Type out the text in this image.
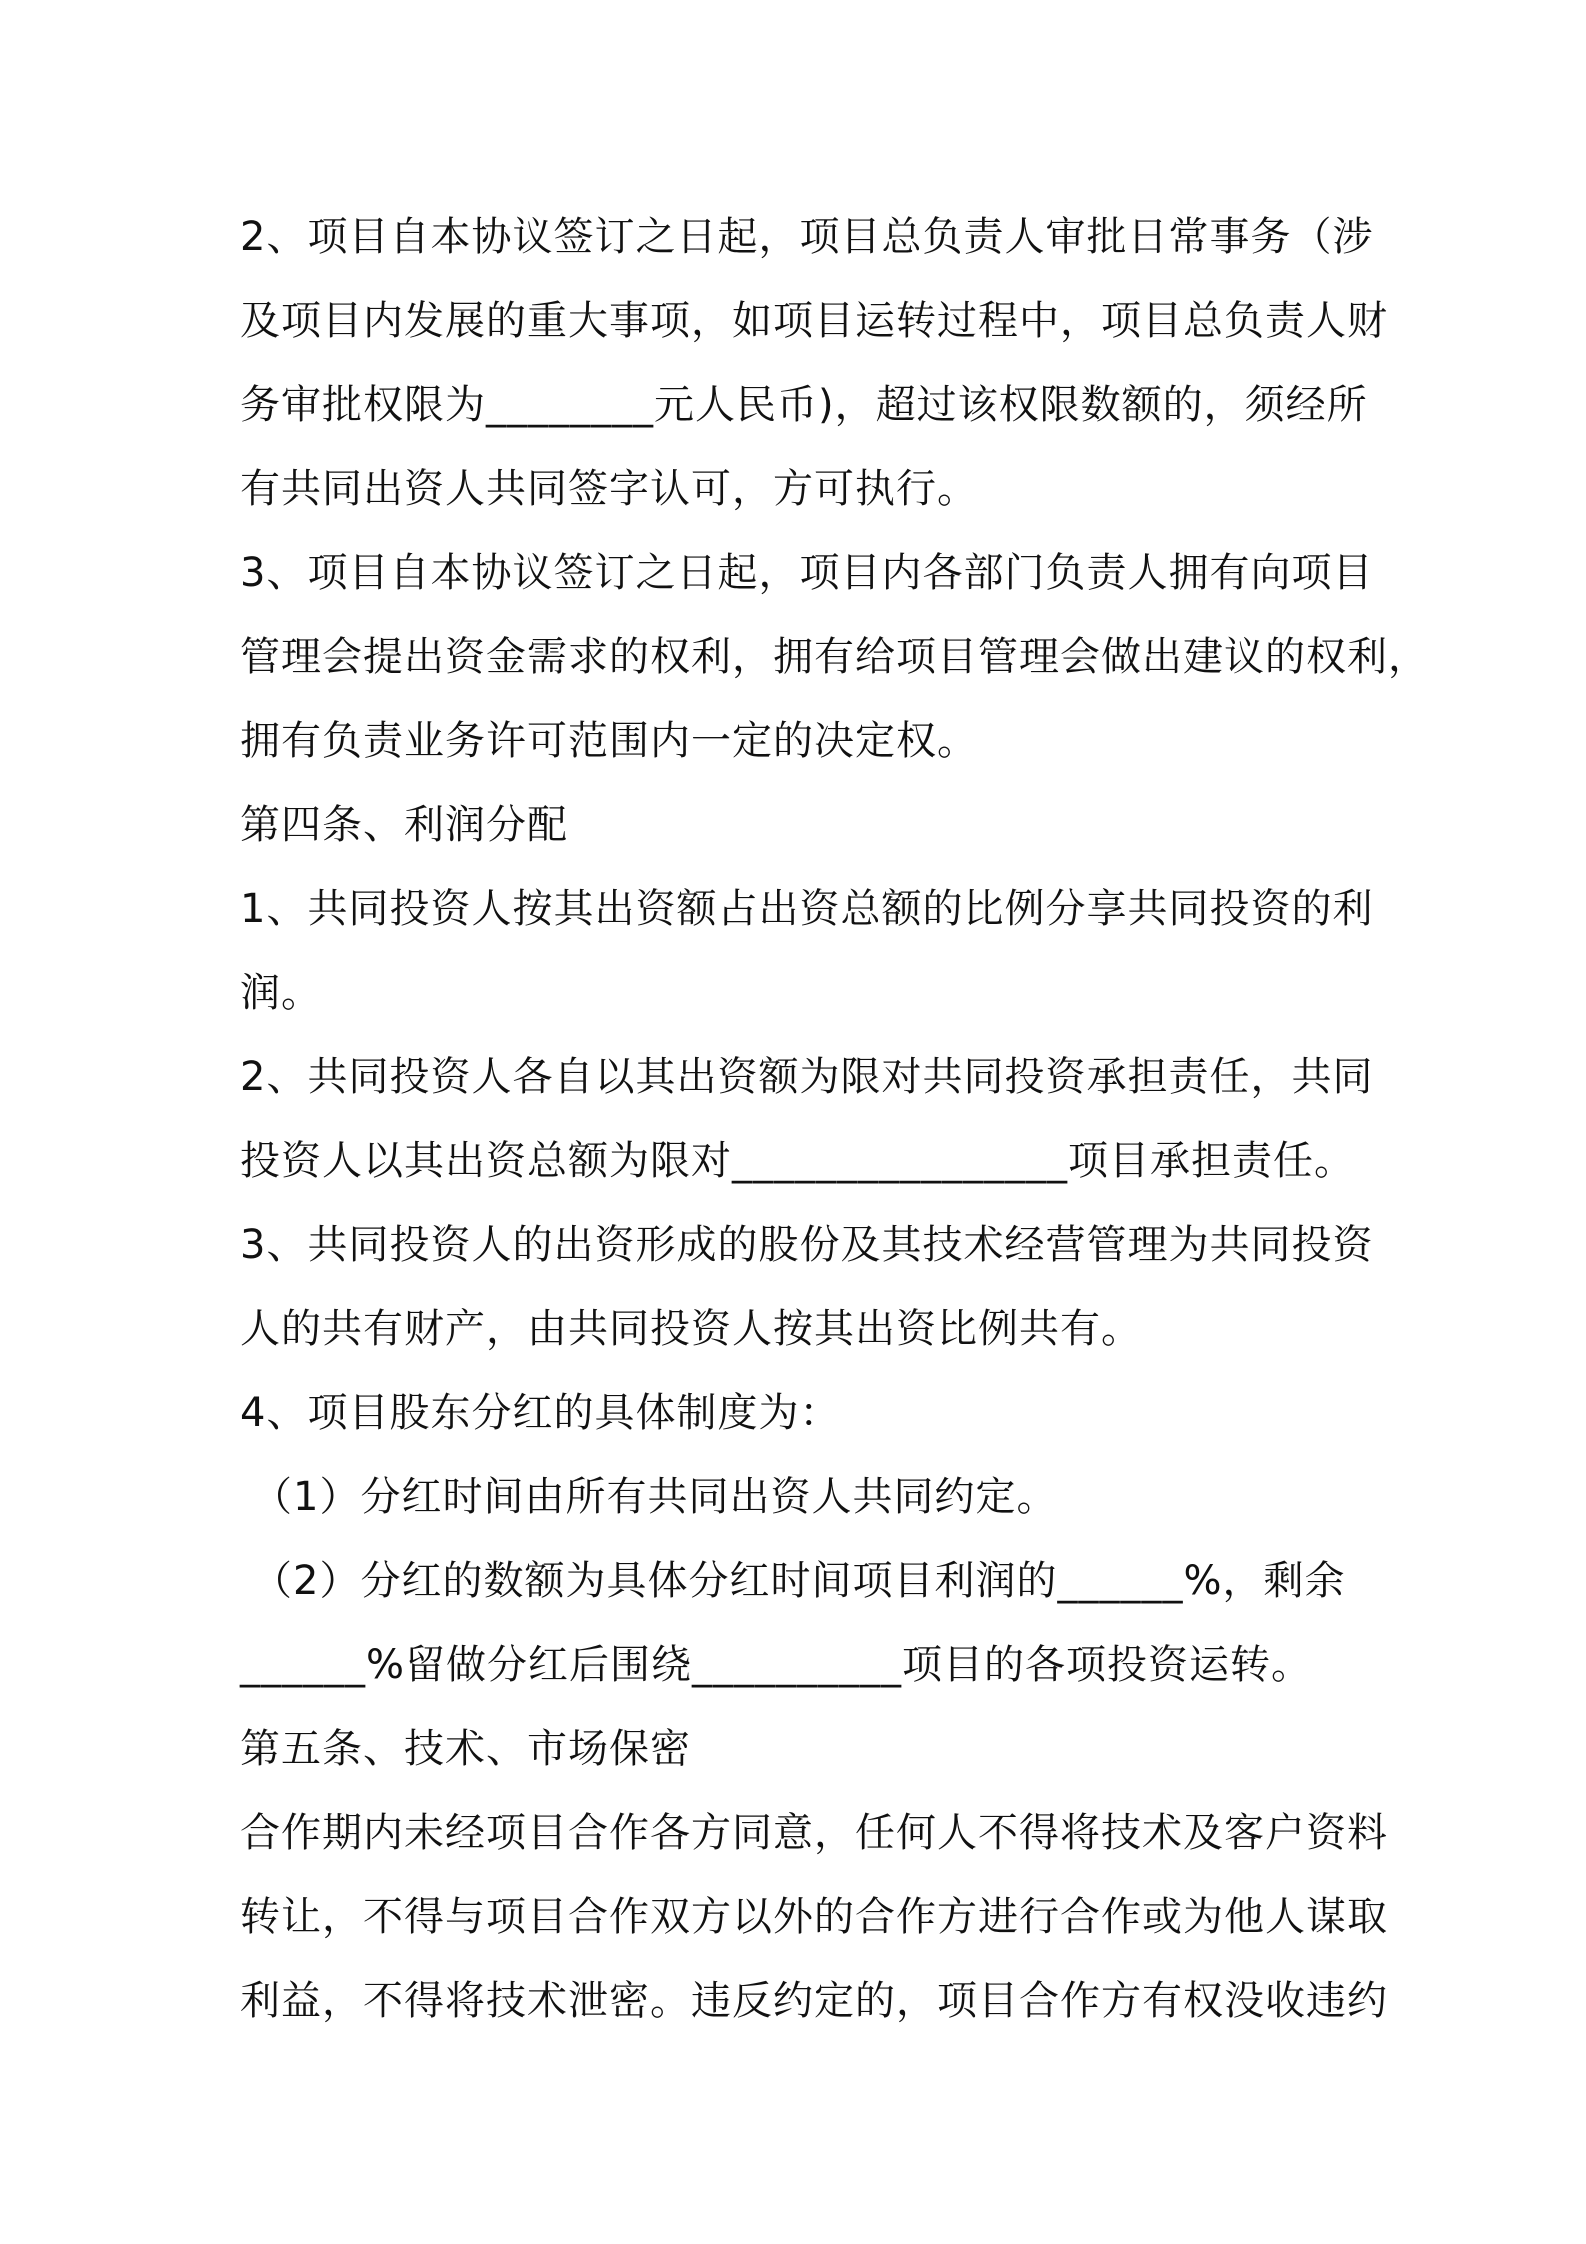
2、项目自本协议签订之日起，项目总负责人审批日常事务（涉
及项目内发展的重大事项，如项目运转过程中，项目总负责人财
务审批权限为________元人民币)，超过该权限数额的，须经所
有共同出资人共同签字认可，方可执行。
3、项目自本协议签订之日起，项目内各部门负责人拥有向项目
管理会提出资金需求的权利，拥有给项目管理会做出建议的权利，
拥有负责业务许可范围内一定的决定权。
第四条、利润分配
1、共同投资人按其出资额占出资总额的比例分享共同投资的利
润。
2、共同投资人各自以其出资额为限对共同投资承担责任，共同
投资人以其出资总额为限对________________项目承担责任。
3、共同投资人的出资形成的股份及其技术经营管理为共同投资
人的共有财产，由共同投资人按其出资比例共有。
4、项目股东分红的具体制度为：
（1）分红时间由所有共同出资人共同约定。
（2）分红的数额为具体分红时间项目利润的______%，剩余
______%留做分红后围绕__________项目的各项投资运转。
第五条、技术、市场保密
合作期内未经项目合作各方同意，任何人不得将技术及客户资料
转让，不得与项目合作双方以外的合作方进行合作或为他人谋取
利益，不得将技术泄密。违反约定的，项目合作方有权没收违约
